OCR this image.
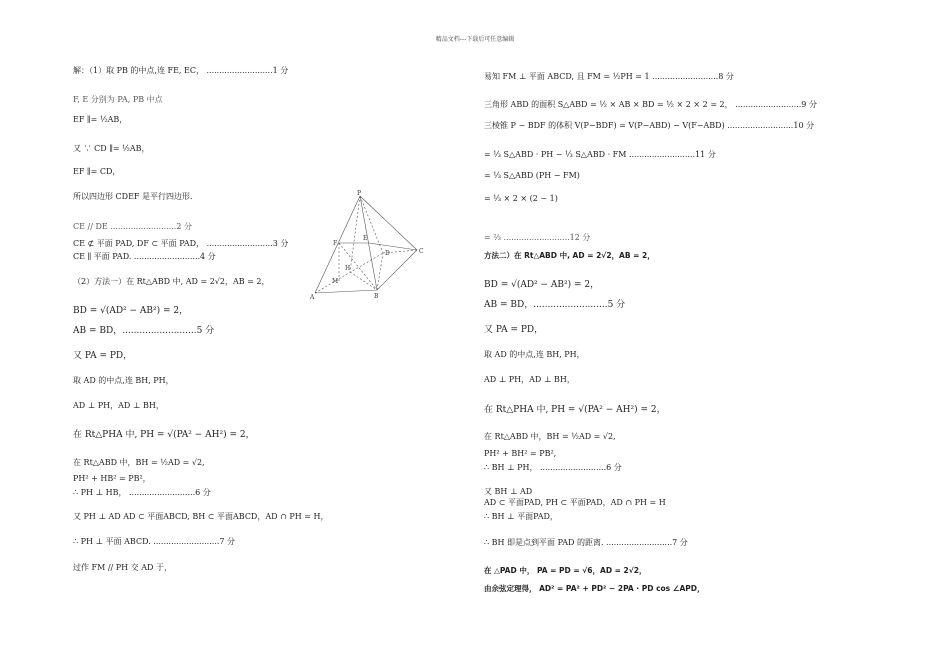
精品文档---下载后可任意编辑
解：（1）取 PB 的中点,连 FE, EC， ..........................1 分
F, E 分别为 PA, PB 中点
EF ∥= ½AB，
又 ∵ CD ∥= ½AB，
EF ∥= CD，
所以四边形 CDEF 是平行四边形.
CE // DE ..........................2 分
CE ⊄ 平面 PAD, DF ⊂ 平面 PAD， ..........................3 分
CE ∥ 平面 PAD. ..........................4 分
（2）方法一）在 Rt△ABD 中, AD = 2√2，AB = 2，
BD = √(AD² − AB²) = 2，
AB = BD，..........................5 分
又 PA = PD，
取 AD 的中点,连 BH, PH，
AD ⊥ PH，AD ⊥ BH，
在 Rt△PHA 中, PH = √(PA² − AH²) = 2，
在 Rt△ABD 中，BH = ½AD = √2,
PH² + HB² = PB²，
∴ PH ⊥ HB， ..........................6 分
又 PH ⊥ AD AD ⊂ 平面ABCD, BH ⊂ 平面ABCD，AD ∩ PH = H，
∴ PH ⊥ 平面 ABCD. ..........................7 分
过作 FM // PH 交 AD 于，
P
F
E
D	C
M
H
A	B
易知 FM ⊥ 平面 ABCD, 且 FM = ½PH = 1 ..........................8 分
三角形 ABD 的面积 S△ABD = ½ × AB × BD = ½ × 2 × 2 = 2， ..........................9 分
三棱锥 P − BDF 的体积 V(P−BDF) = V(P−ABD) − V(F−ABD) ..........................10 分
= ⅓ S△ABD · PH − ⅓ S△ABD · FM ..........................11 分
= ⅓ S△ABD (PH − FM)
= ⅓ × 2 × (2 − 1)
= ⅔ ..........................12 分
方法二）在 Rt△ABD 中, AD = 2√2，AB = 2，
BD = √(AD² − AB²) = 2，
AB = BD，..........................5 分
又 PA = PD，
取 AD 的中点,连 BH, PH，
AD ⊥ PH，AD ⊥ BH，
在 Rt△PHA 中, PH = √(PA² − AH²) = 2，
在 Rt△ABD 中，BH = ½AD = √2,
PH² + BH² = PB²,
∴ BH ⊥ PH， ..........................6 分
又 BH ⊥ AD
AD ⊂ 平面PAD, PH ⊂ 平面PAD，AD ∩ PH = H
∴ BH ⊥ 平面PAD，
∴ BH 即是点到平面 PAD 的距离. ..........................7 分
在 △PAD 中， PA = PD = √6，AD = 2√2，
由余弦定理得， AD² = PA² + PD² − 2PA · PD cos ∠APD，
